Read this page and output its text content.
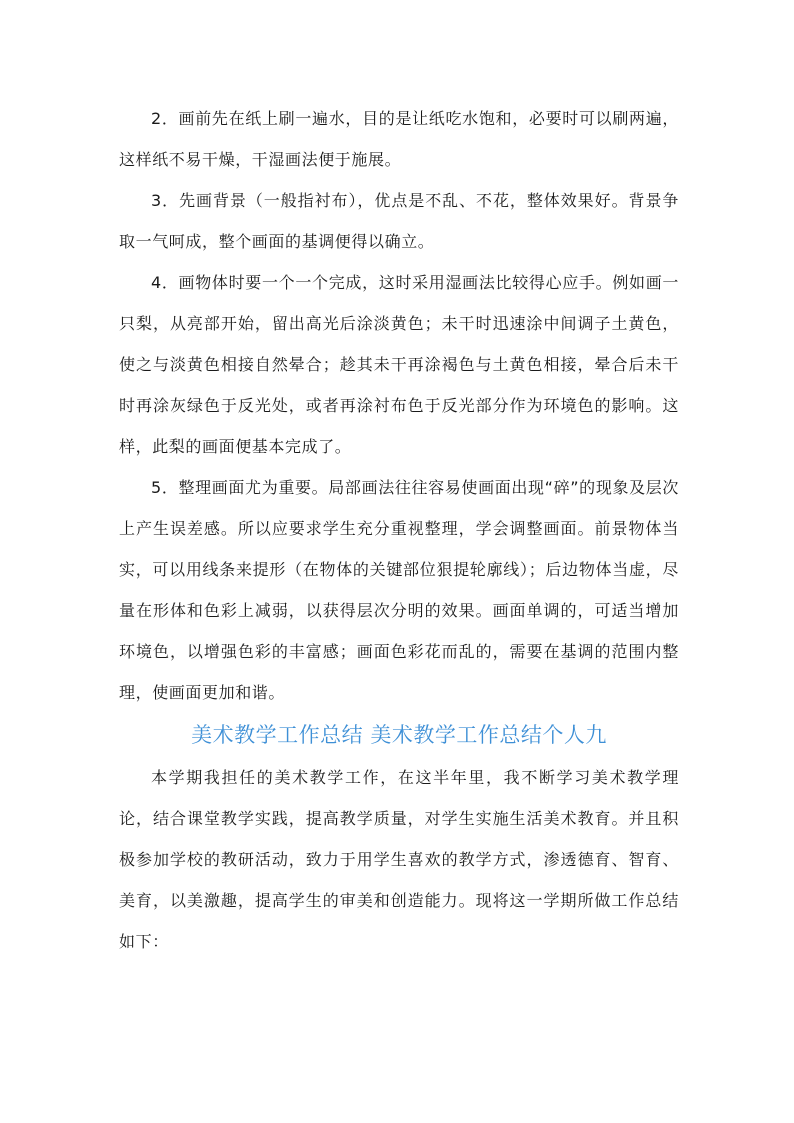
2．画前先在纸上刷一遍水，目的是让纸吃水饱和，必要时可以刷两遍，这样纸不易干燥，干湿画法便于施展。

3．先画背景（一般指衬布），优点是不乱、不花，整体效果好。背景争取一气呵成，整个画面的基调便得以确立。

4．画物体时要一个一个完成，这时采用湿画法比较得心应手。例如画一只梨，从亮部开始，留出高光后涂淡黄色；未干时迅速涂中间调子土黄色，使之与淡黄色相接自然晕合；趁其未干再涂褐色与土黄色相接，晕合后未干时再涂灰绿色于反光处，或者再涂衬布色于反光部分作为环境色的影响。这样，此梨的画面便基本完成了。

5．整理画面尤为重要。局部画法往往容易使画面出现“碎”的现象及层次上产生误差感。所以应要求学生充分重视整理，学会调整画面。前景物体当实，可以用线条来提形（在物体的关键部位狠提轮廓线）；后边物体当虚，尽量在形体和色彩上减弱，以获得层次分明的效果。画面单调的，可适当增加环境色，以增强色彩的丰富感；画面色彩花而乱的，需要在基调的范围内整理，使画面更加和谐。

美术教学工作总结 美术教学工作总结个人九

本学期我担任的美术教学工作，在这半年里，我不断学习美术教学理论，结合课堂教学实践，提高教学质量，对学生实施生活美术教育。并且积极参加学校的教研活动，致力于用学生喜欢的教学方式，渗透德育、智育、美育，以美激趣，提高学生的审美和创造能力。现将这一学期所做工作总结如下：
